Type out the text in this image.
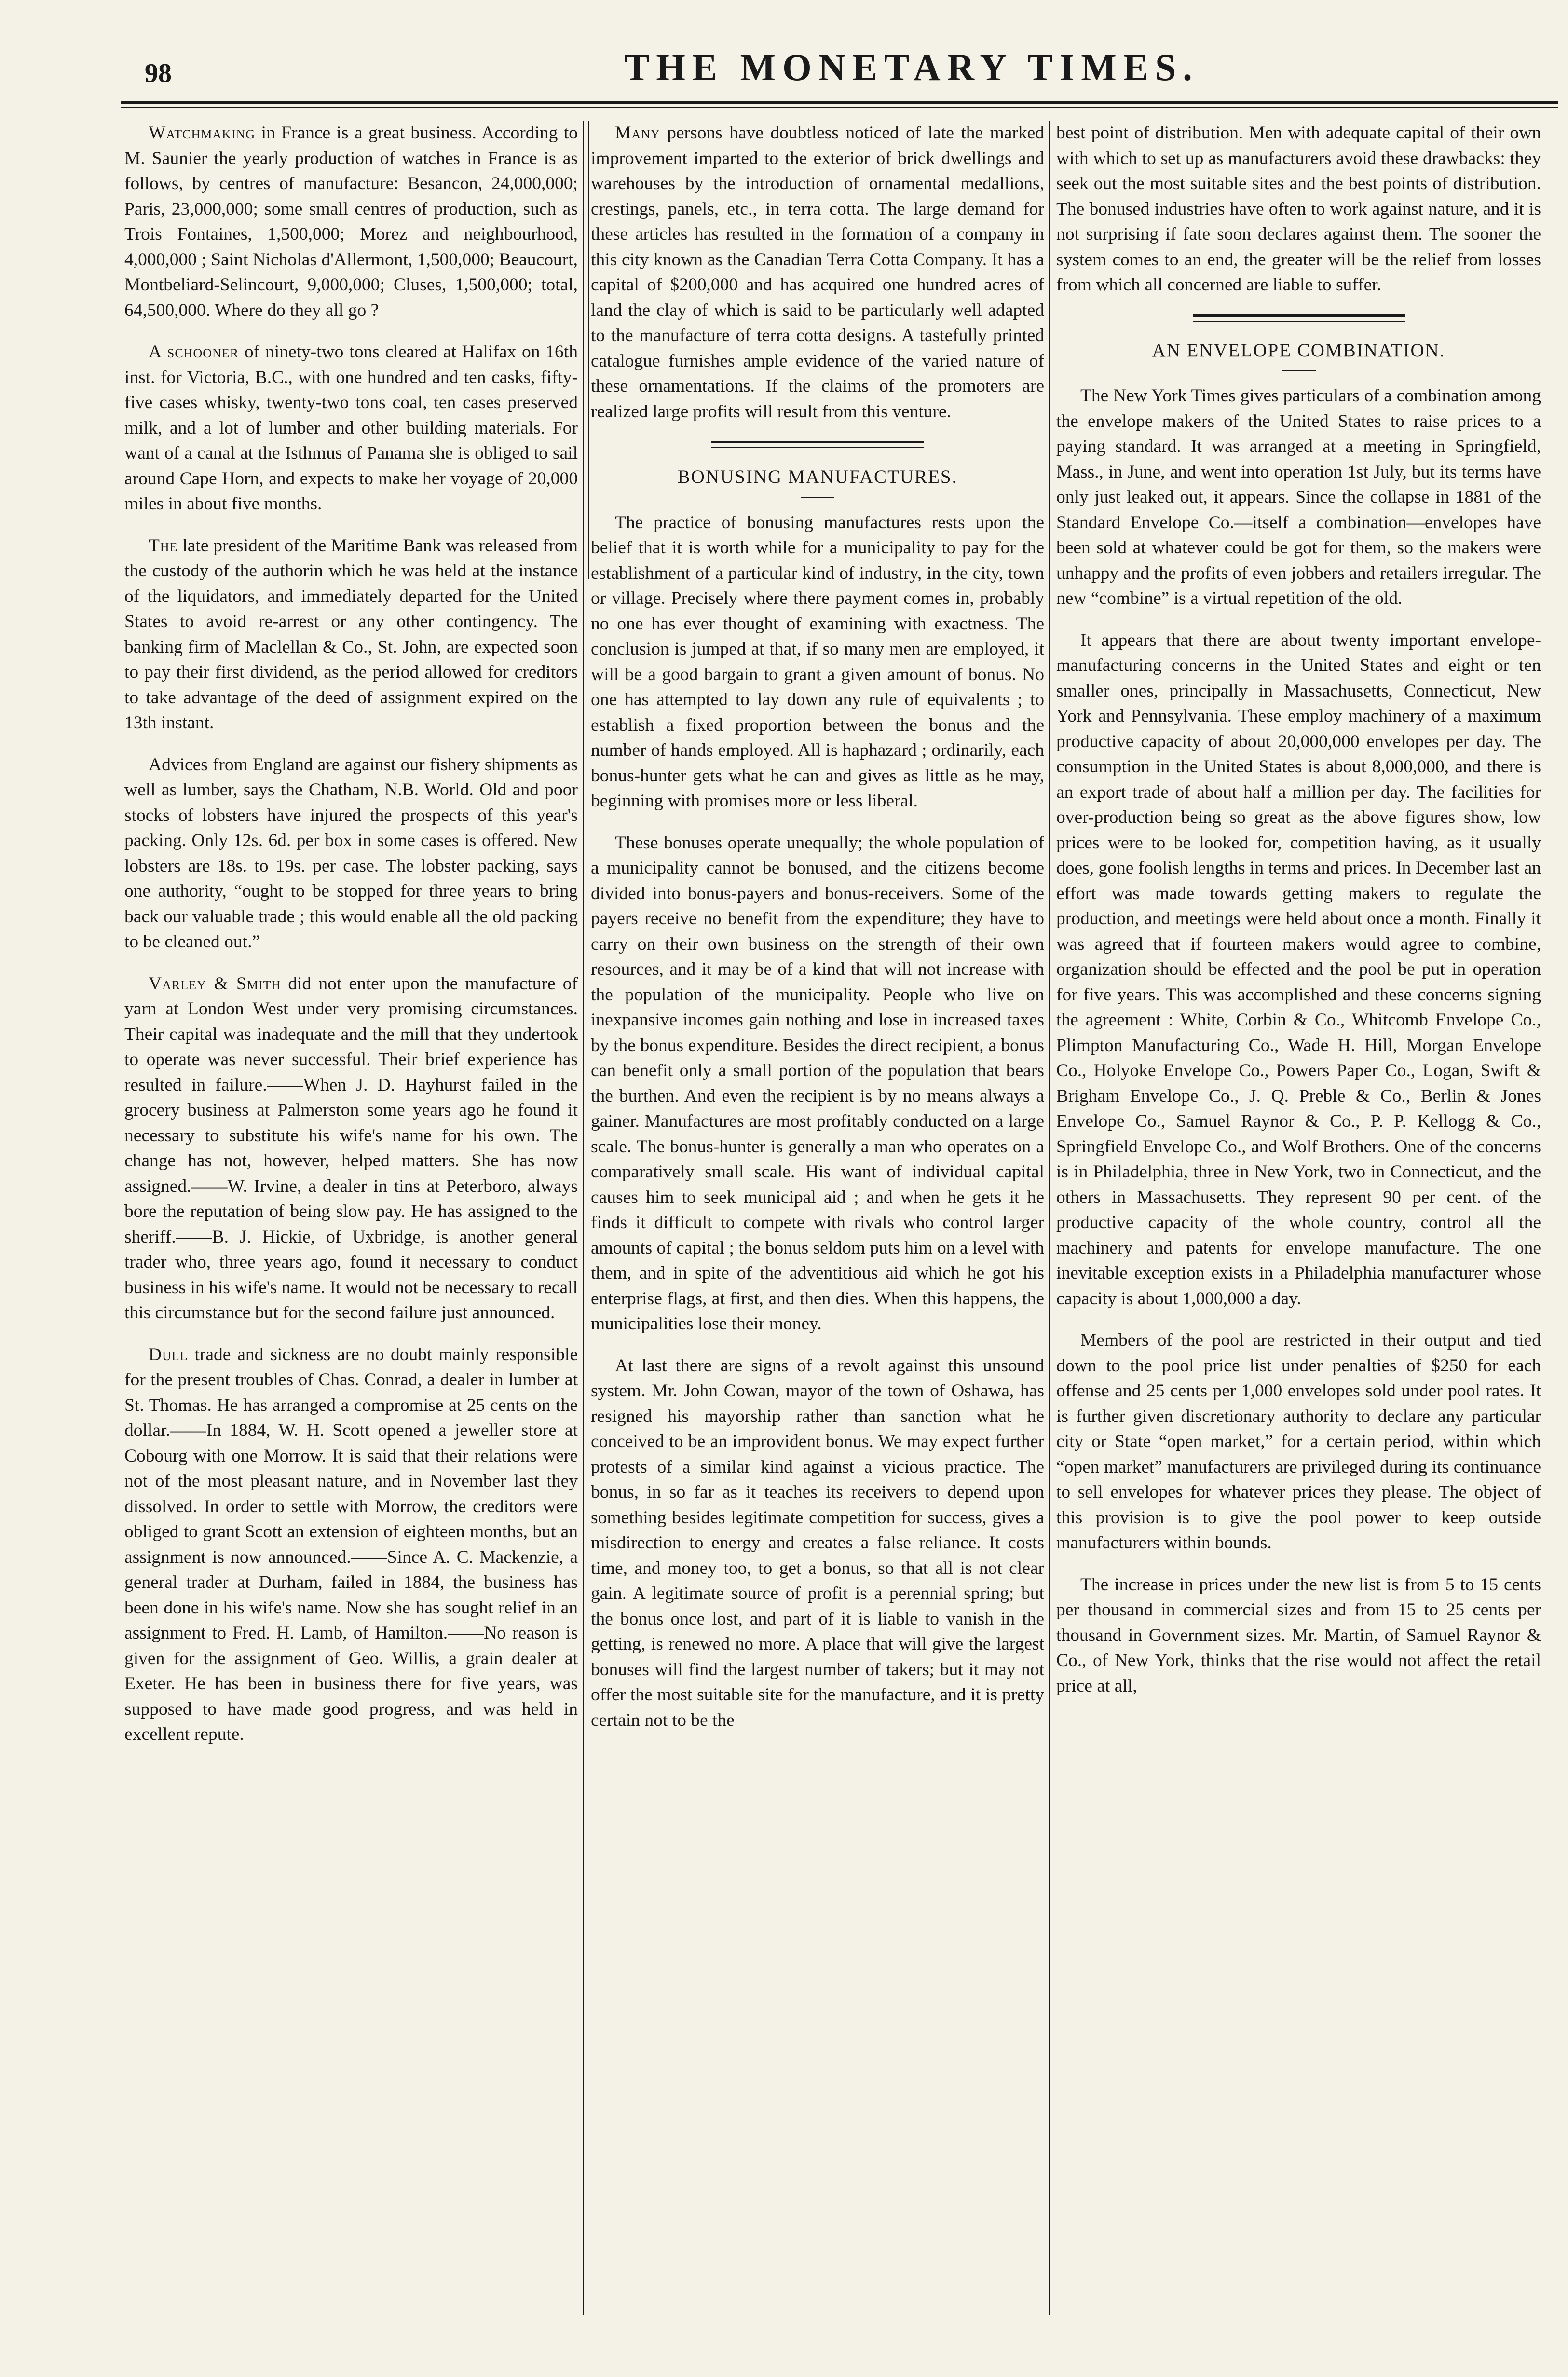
98	THE MONETARY TIMES.

Watchmaking in France is a great business. According to M. Saunier the yearly production of watches in France is as follows, by centres of manufacture: Besancon, 24,000,000; Paris, 23,000,000; some small centres of production, such as Trois Fontaines, 1,500,000; Morez and neighbourhood, 4,000,000 ; Saint Nicholas d'Allermont, 1,500,000; Beaucourt, Montbeliard-Selincourt, 9,000,000; Cluses, 1,500,000; total, 64,500,000. Where do they all go ?

A schooner of ninety-two tons cleared at Halifax on 16th inst. for Victoria, B.C., with one hundred and ten casks, fifty-five cases whisky, twenty-two tons coal, ten cases preserved milk, and a lot of lumber and other building materials. For want of a canal at the Isthmus of Panama she is obliged to sail around Cape Horn, and expects to make her voyage of 20,000 miles in about five months.

The late president of the Maritime Bank was released from the custody of the authorin which he was held at the instance of the liquidators, and immediately departed for the United States to avoid re-arrest or any other contingency. The banking firm of Maclellan & Co., St. John, are expected soon to pay their first dividend, as the period allowed for creditors to take advantage of the deed of assignment expired on the 13th instant.

Advices from England are against our fishery shipments as well as lumber, says the Chatham, N.B. World. Old and poor stocks of lobsters have injured the prospects of this year's packing. Only 12s. 6d. per box in some cases is offered. New lobsters are 18s. to 19s. per case. The lobster packing, says one authority, “ought to be stopped for three years to bring back our valuable trade ; this would enable all the old packing to be cleaned out.”

Varley & Smith did not enter upon the manufacture of yarn at London West under very promising circumstances. Their capital was inadequate and the mill that they undertook to operate was never successful. Their brief experience has resulted in failure.——When J. D. Hayhurst failed in the grocery business at Palmerston some years ago he found it necessary to substitute his wife's name for his own. The change has not, however, helped matters. She has now assigned.——W. Irvine, a dealer in tins at Peterboro, always bore the reputation of being slow pay. He has assigned to the sheriff.——B. J. Hickie, of Uxbridge, is another general trader who, three years ago, found it necessary to conduct business in his wife's name. It would not be necessary to recall this circumstance but for the second failure just announced.

Dull trade and sickness are no doubt mainly responsible for the present troubles of Chas. Conrad, a dealer in lumber at St. Thomas. He has arranged a compromise at 25 cents on the dollar.——In 1884, W. H. Scott opened a jeweller store at Cobourg with one Morrow. It is said that their relations were not of the most pleasant nature, and in November last they dissolved. In order to settle with Morrow, the creditors were obliged to grant Scott an extension of eighteen months, but an assignment is now announced.——Since A. C. Mackenzie, a general trader at Durham, failed in 1884, the business has been done in his wife's name. Now she has sought relief in an assignment to Fred. H. Lamb, of Hamilton.——No reason is given for the assignment of Geo. Willis, a grain dealer at Exeter. He has been in business there for five years, was supposed to have made good progress, and was held in excellent repute.

Many persons have doubtless noticed of late the marked improvement imparted to the exterior of brick dwellings and warehouses by the introduction of ornamental medallions, crestings, panels, etc., in terra cotta. The large demand for these articles has resulted in the formation of a company in this city known as the Canadian Terra Cotta Company. It has a capital of $200,000 and has acquired one hundred acres of land the clay of which is said to be particularly well adapted to the manufacture of terra cotta designs. A tastefully printed catalogue furnishes ample evidence of the varied nature of these ornamentations. If the claims of the promoters are realized large profits will result from this venture.

BONUSING MANUFACTURES.

The practice of bonusing manufactures rests upon the belief that it is worth while for a municipality to pay for the establishment of a particular kind of industry, in the city, town or village. Precisely where there payment comes in, probably no one has ever thought of examining with exactness. The conclusion is jumped at that, if so many men are employed, it will be a good bargain to grant a given amount of bonus. No one has attempted to lay down any rule of equivalents ; to establish a fixed proportion between the bonus and the number of hands employed. All is haphazard ; ordinarily, each bonus-hunter gets what he can and gives as little as he may, beginning with promises more or less liberal.

These bonuses operate unequally; the whole population of a municipality cannot be bonused, and the citizens become divided into bonus-payers and bonus-receivers. Some of the payers receive no benefit from the expenditure; they have to carry on their own business on the strength of their own resources, and it may be of a kind that will not increase with the population of the municipality. People who live on inexpansive incomes gain nothing and lose in increased taxes by the bonus expenditure. Besides the direct recipient, a bonus can benefit only a small portion of the population that bears the burthen. And even the recipient is by no means always a gainer. Manufactures are most profitably conducted on a large scale. The bonus-hunter is generally a man who operates on a comparatively small scale. His want of individual capital causes him to seek municipal aid ; and when he gets it he finds it difficult to compete with rivals who control larger amounts of capital ; the bonus seldom puts him on a level with them, and in spite of the adventitious aid which he got his enterprise flags, at first, and then dies. When this happens, the municipalities lose their money.

At last there are signs of a revolt against this unsound system. Mr. John Cowan, mayor of the town of Oshawa, has resigned his mayorship rather than sanction what he conceived to be an improvident bonus. We may expect further protests of a similar kind against a vicious practice. The bonus, in so far as it teaches its receivers to depend upon something besides legitimate competition for success, gives a misdirection to energy and creates a false reliance. It costs time, and money too, to get a bonus, so that all is not clear gain. A legitimate source of profit is a perennial spring; but the bonus once lost, and part of it is liable to vanish in the getting, is renewed no more. A place that will give the largest bonuses will find the largest number of takers; but it may not offer the most suitable site for the manufacture, and it is pretty certain not to be the

best point of distribution. Men with adequate capital of their own with which to set up as manufacturers avoid these drawbacks: they seek out the most suitable sites and the best points of distribution. The bonused industries have often to work against nature, and it is not surprising if fate soon declares against them. The sooner the system comes to an end, the greater will be the relief from losses from which all concerned are liable to suffer.

AN ENVELOPE COMBINATION.

The New York Times gives particulars of a combination among the envelope makers of the United States to raise prices to a paying standard. It was arranged at a meeting in Springfield, Mass., in June, and went into operation 1st July, but its terms have only just leaked out, it appears. Since the collapse in 1881 of the Standard Envelope Co.—itself a combination—envelopes have been sold at whatever could be got for them, so the makers were unhappy and the profits of even jobbers and retailers irregular. The new “combine” is a virtual repetition of the old.

It appears that there are about twenty important envelope-manufacturing concerns in the United States and eight or ten smaller ones, principally in Massachusetts, Connecticut, New York and Pennsylvania. These employ machinery of a maximum productive capacity of about 20,000,000 envelopes per day. The consumption in the United States is about 8,000,000, and there is an export trade of about half a million per day. The facilities for over-production being so great as the above figures show, low prices were to be looked for, competition having, as it usually does, gone foolish lengths in terms and prices. In December last an effort was made towards getting makers to regulate the production, and meetings were held about once a month. Finally it was agreed that if fourteen makers would agree to combine, organization should be effected and the pool be put in operation for five years. This was accomplished and these concerns signing the agreement : White, Corbin & Co., Whitcomb Envelope Co., Plimpton Manufacturing Co., Wade H. Hill, Morgan Envelope Co., Holyoke Envelope Co., Powers Paper Co., Logan, Swift & Brigham Envelope Co., J. Q. Preble & Co., Berlin & Jones Envelope Co., Samuel Raynor & Co., P. P. Kellogg & Co., Springfield Envelope Co., and Wolf Brothers. One of the concerns is in Philadelphia, three in New York, two in Connecticut, and the others in Massachusetts. They represent 90 per cent. of the productive capacity of the whole country, control all the machinery and patents for envelope manufacture. The one inevitable exception exists in a Philadelphia manufacturer whose capacity is about 1,000,000 a day.

Members of the pool are restricted in their output and tied down to the pool price list under penalties of $250 for each offense and 25 cents per 1,000 envelopes sold under pool rates. It is further given discretionary authority to declare any particular city or State “open market,” for a certain period, within which “open market” manufacturers are privileged during its continuance to sell envelopes for whatever prices they please. The object of this provision is to give the pool power to keep outside manufacturers within bounds.

The increase in prices under the new list is from 5 to 15 cents per thousand in commercial sizes and from 15 to 25 cents per thousand in Government sizes. Mr. Martin, of Samuel Raynor & Co., of New York, thinks that the rise would not affect the retail price at all,
